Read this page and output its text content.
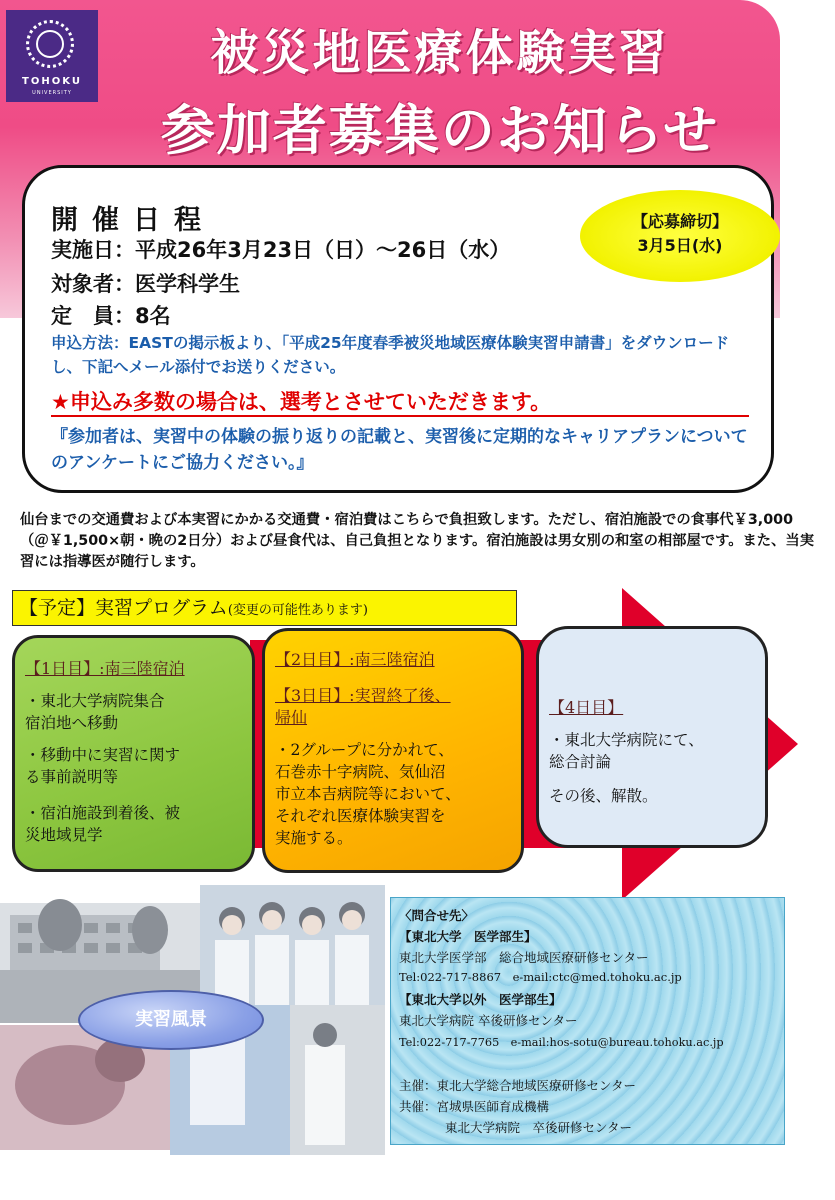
TOHOKU
UNIVERSITY
被災地医療体験実習
参加者募集のお知らせ
開催日程
実施日：平成26年3月23日（日）～26日（水）
対象者：医学科学生
定　員：8名
申込方法：EASTの掲示板より、「平成25年度春季被災地域医療体験実習申請書」をダウンロードし、下記へメール添付でお送りください。
★申込み多数の場合は、選考とさせていただきます。
『参加者は、実習中の体験の振り返りの記載と、実習後に定期的なキャリアプランについてのアンケートにご協力ください。』
【応募締切】
3月5日(水)
仙台までの交通費および本実習にかかる交通費・宿泊費はこちらで負担致します。ただし、宿泊施設での食事代￥3,000（＠￥1,500×朝・晩の2日分）および昼食代は、自己負担となります。宿泊施設は男女別の和室の相部屋です。また、当実習には指導医が随行します。
【予定】実習プログラム(変更の可能性あります)
【1日目】:南三陸宿泊
・東北大学病院集合
宿泊地へ移動
・移動中に実習に関す
る事前説明等
・宿泊施設到着後、被
災地域見学
【2日目】:南三陸宿泊
【3日目】:実習終了後、
帰仙
・2グループに分かれて、
石巻赤十字病院、気仙沼
市立本吉病院等において、
それぞれ医療体験実習を
実施する。
【4日目】
・東北大学病院にて、
総合討論
その後、解散。
実習風景
〈問合せ先〉
【東北大学　医学部生】
東北大学医学部　総合地域医療研修センター
Tel:022-717-8867　e-mail:ctc@med.tohoku.ac.jp
【東北大学以外　医学部生】
東北大学病院 卒後研修センター
Tel:022-717-7765　e-mail:hos-sotu@bureau.tohoku.ac.jp
主催：東北大学総合地域医療研修センター
共催：宮城県医師育成機構
東北大学病院　卒後研修センター
